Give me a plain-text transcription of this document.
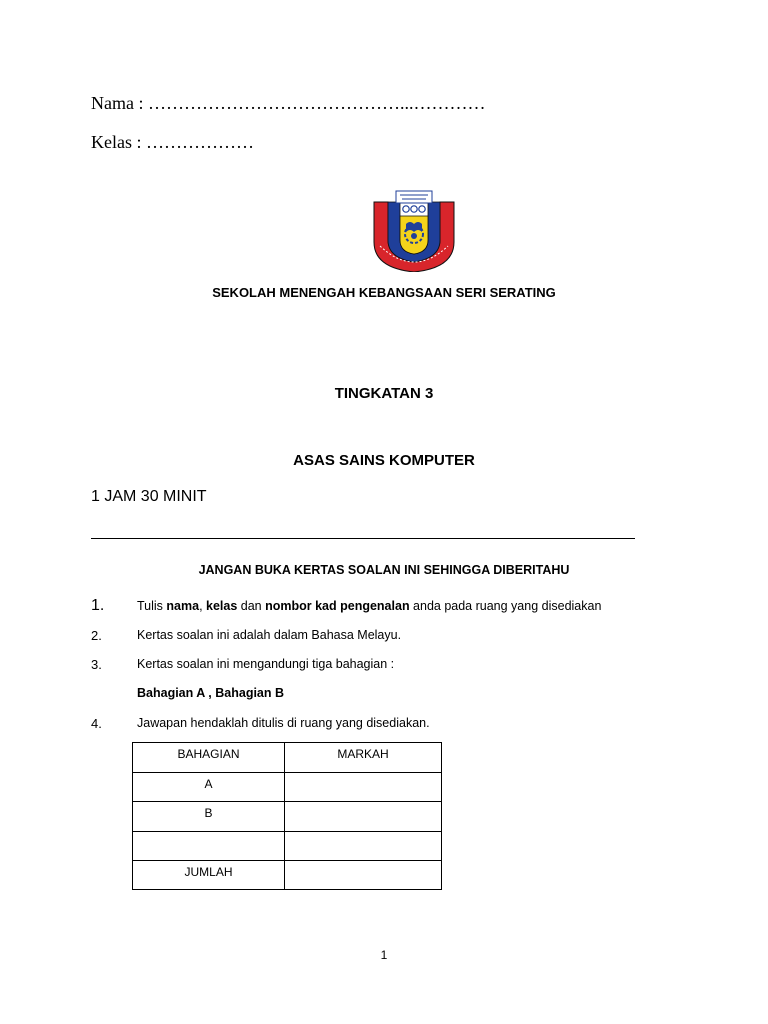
Nama : ……………………………………...…………
Kelas : ………………
SEKOLAH MENENGAH KEBANGSAAN SERI SERATING
TINGKATAN 3
ASAS SAINS KOMPUTER
1 JAM 30 MINIT
JANGAN BUKA KERTAS SOALAN INI SEHINGGA DIBERITAHU
1.	Tulis nama, kelas dan nombor kad pengenalan anda pada ruang yang disediakan
2.	Kertas soalan ini adalah dalam Bahasa Melayu.
3.	Kertas soalan ini mengandungi tiga bahagian :
Bahagian A , Bahagian B
4.	Jawapan hendaklah ditulis di ruang yang disediakan.
BAHAGIAN	MARKAH
A	
B	

JUMLAH	
1
